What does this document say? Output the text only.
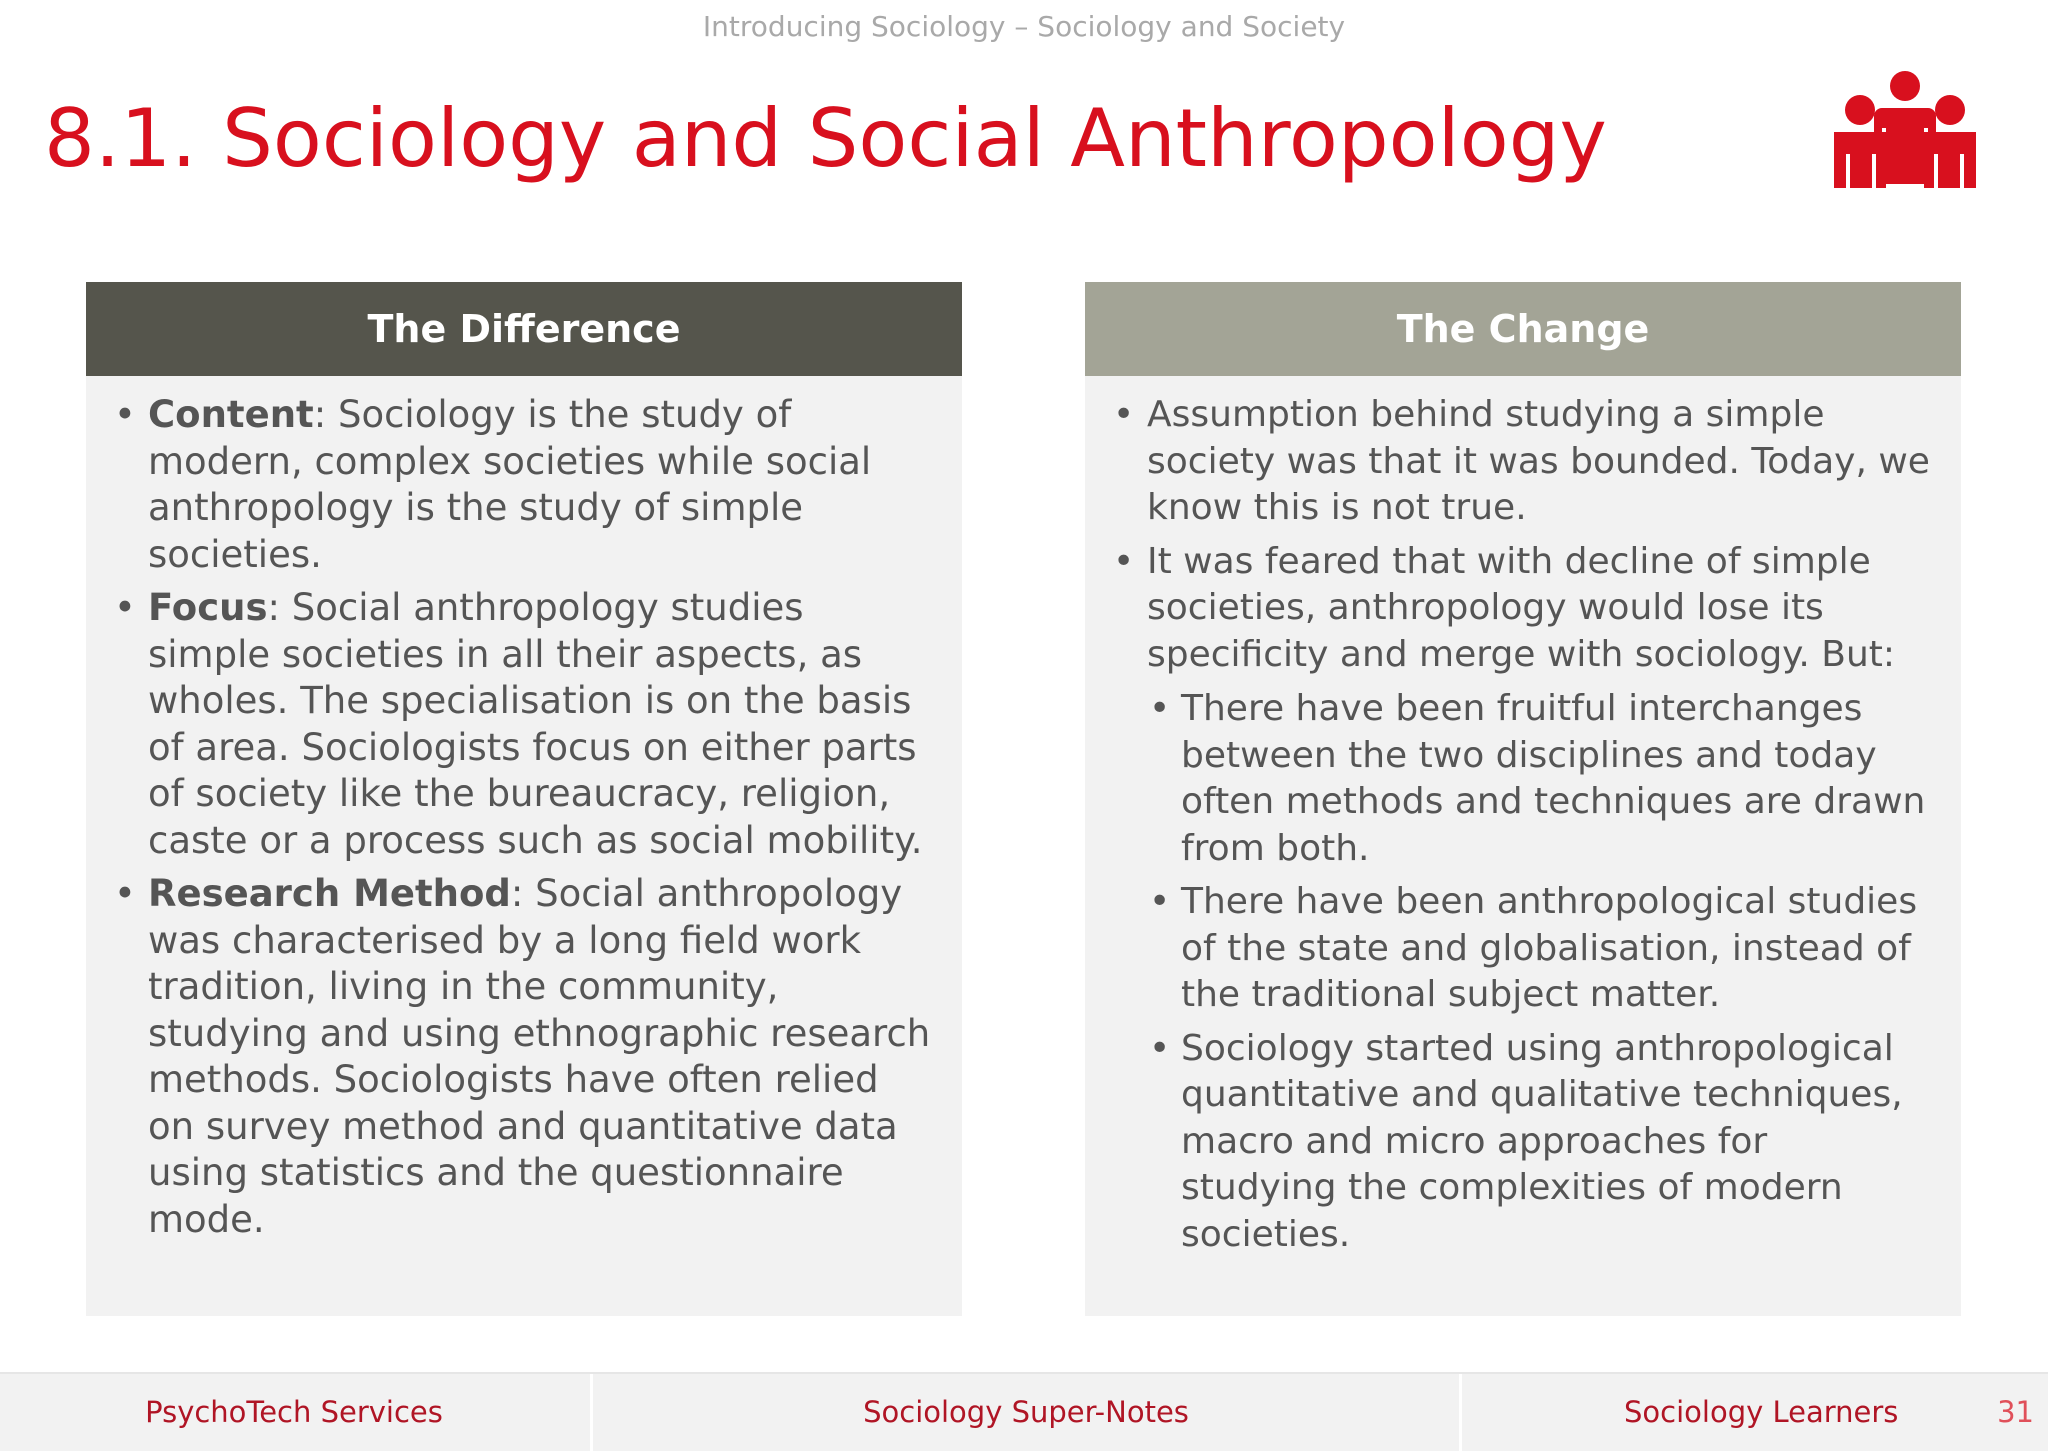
Introducing Sociology – Sociology and Society
8.1. Sociology and Social Anthropology
The Difference
• Content: Sociology is the study of modern, complex societies while social anthropology is the study of simple societies.
• Focus: Social anthropology studies simple societies in all their aspects, as wholes. The specialisation is on the basis of area. Sociologists focus on either parts of society like the bureaucracy, religion, caste or a process such as social mobility.
• Research Method: Social anthropology was characterised by a long field work tradition, living in the community, studying and using ethnographic research methods. Sociologists have often relied on survey method and quantitative data using statistics and the questionnaire mode.
The Change
• Assumption behind studying a simple society was that it was bounded. Today, we know this is not true.
• It was feared that with decline of simple societies, anthropology would lose its specificity and merge with sociology. But:
• There have been fruitful interchanges between the two disciplines and today often methods and techniques are drawn from both.
• There have been anthropological studies of the state and globalisation, instead of the traditional subject matter.
• Sociology started using anthropological quantitative and qualitative techniques, macro and micro approaches for studying the complexities of modern societies.
PsychoTech Services	Sociology Super-Notes	Sociology Learners	31
